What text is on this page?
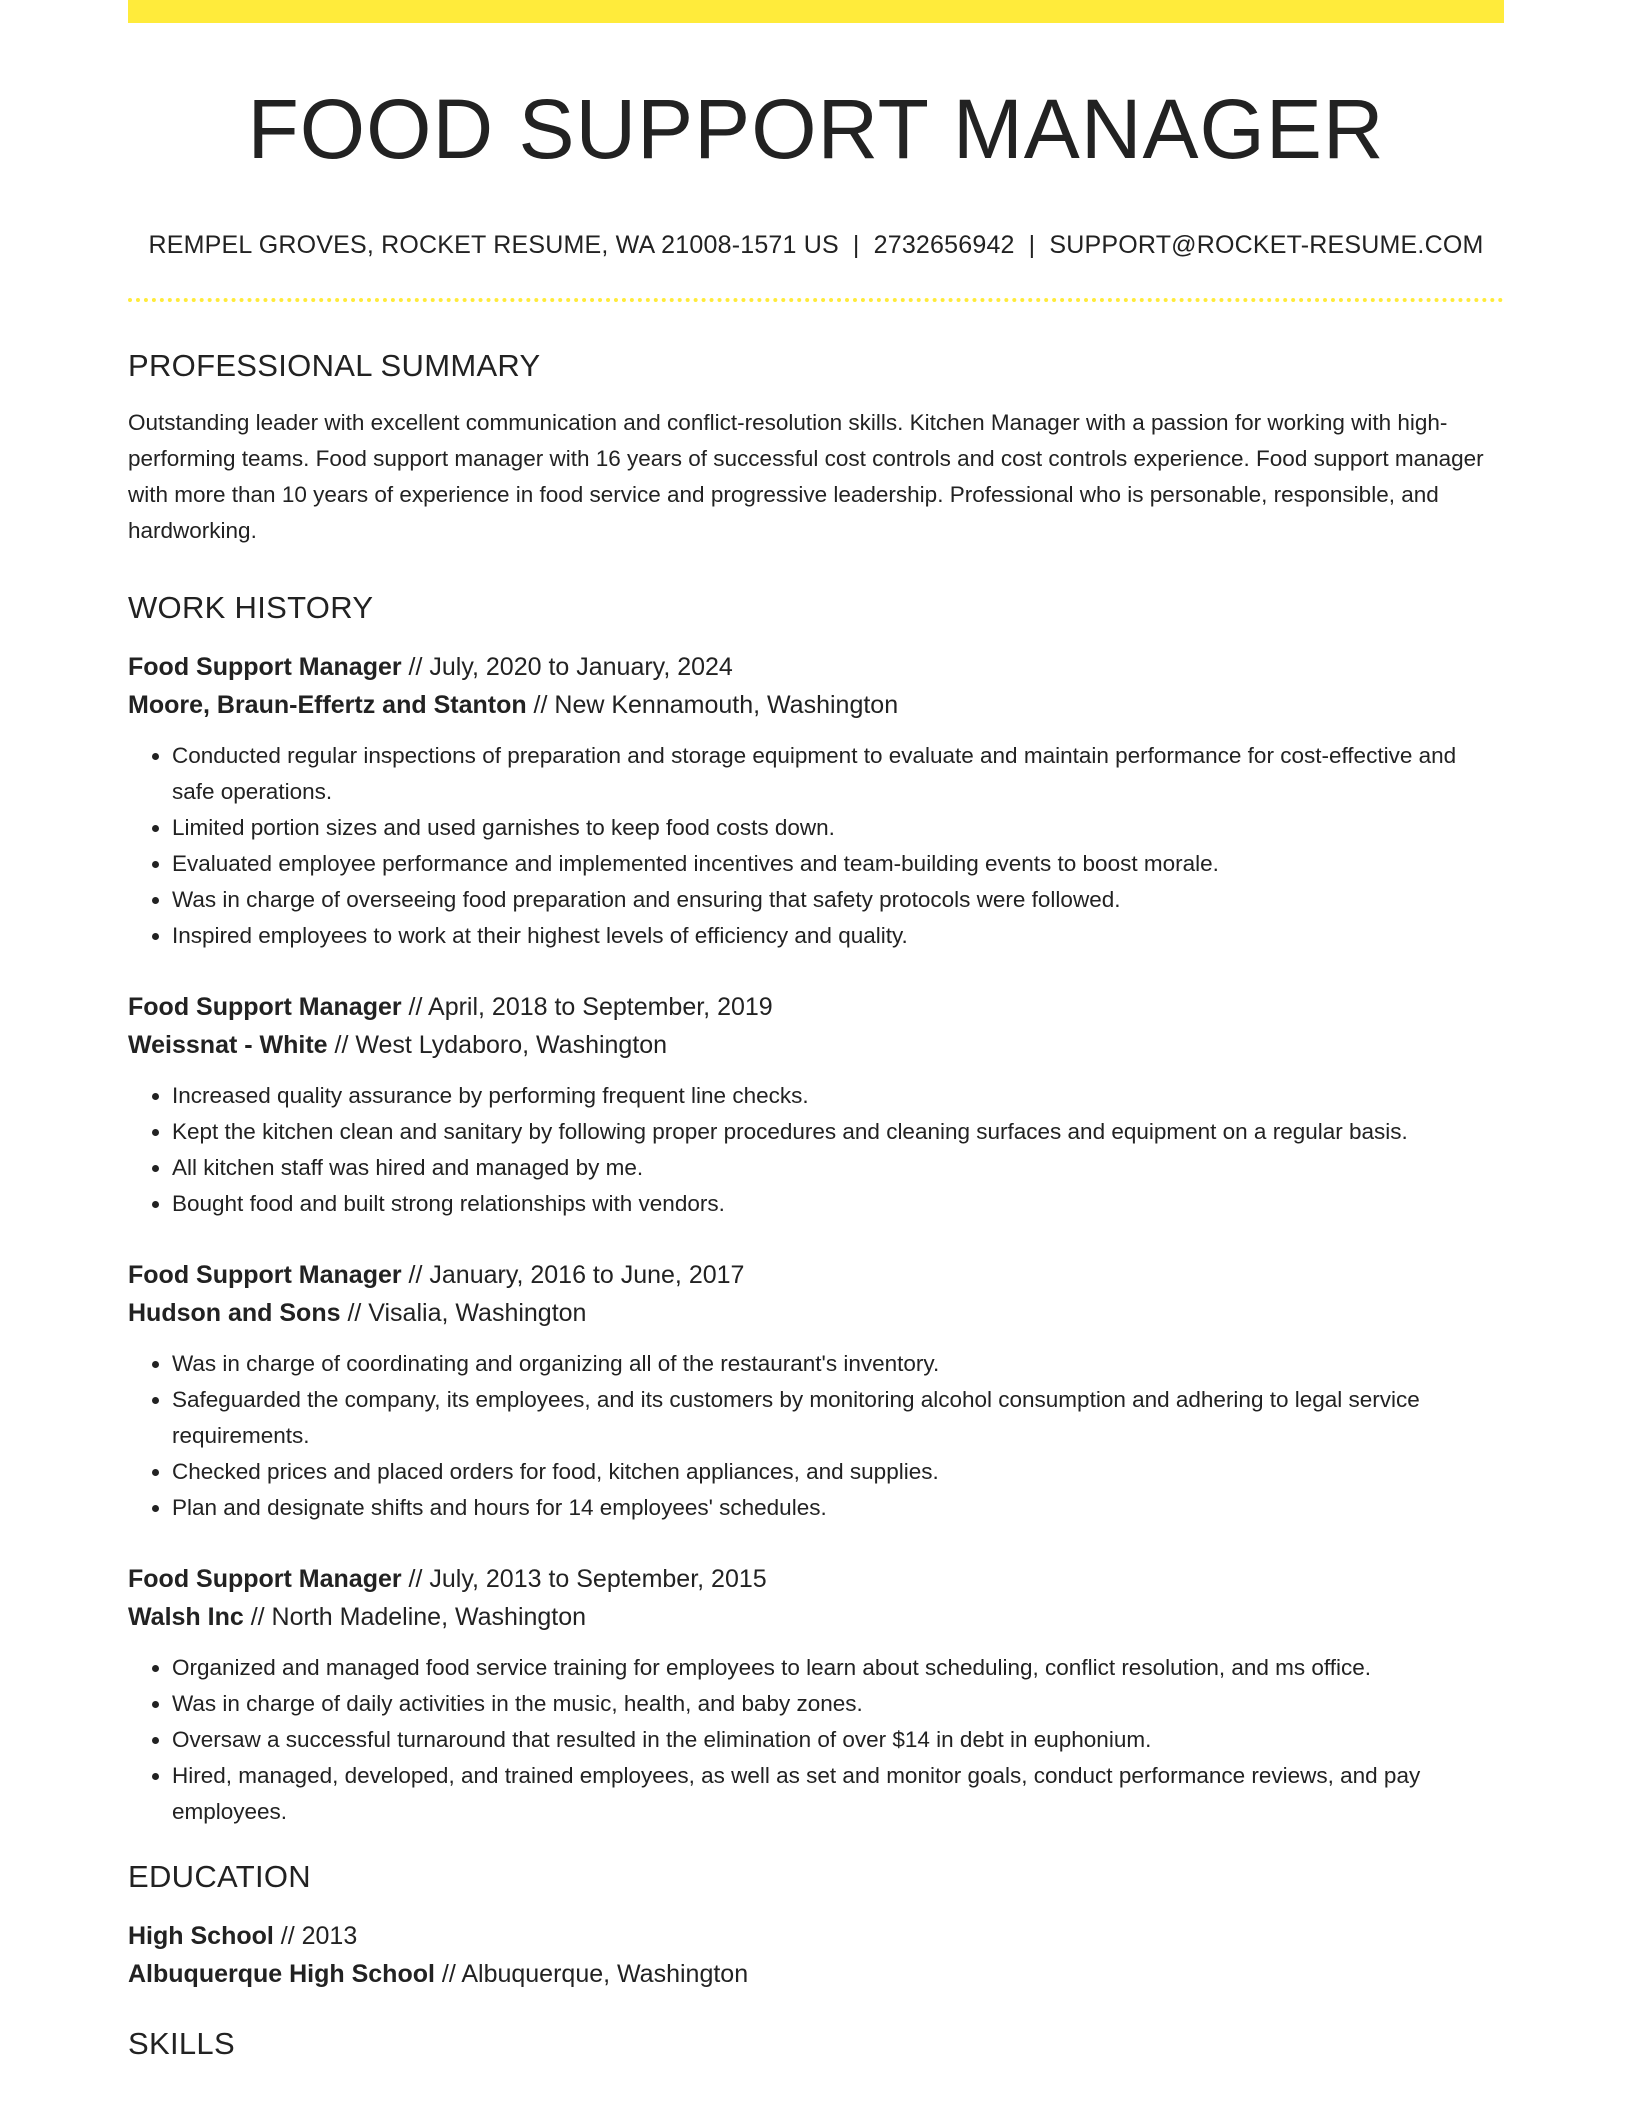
FOOD SUPPORT MANAGER
REMPEL GROVES, ROCKET RESUME, WA 21008-1571 US | 2732656942 | SUPPORT@ROCKET-RESUME.COM
PROFESSIONAL SUMMARY
Outstanding leader with excellent communication and conflict-resolution skills. Kitchen Manager with a passion for working with high-performing teams. Food support manager with 16 years of successful cost controls and cost controls experience. Food support manager with more than 10 years of experience in food service and progressive leadership. Professional who is personable, responsible, and hardworking.
WORK HISTORY
Food Support Manager // July, 2020 to January, 2024
Moore, Braun-Effertz and Stanton // New Kennamouth, Washington
• Conducted regular inspections of preparation and storage equipment to evaluate and maintain performance for cost-effective and safe operations.
• Limited portion sizes and used garnishes to keep food costs down.
• Evaluated employee performance and implemented incentives and team-building events to boost morale.
• Was in charge of overseeing food preparation and ensuring that safety protocols were followed.
• Inspired employees to work at their highest levels of efficiency and quality.
Food Support Manager // April, 2018 to September, 2019
Weissnat - White // West Lydaboro, Washington
• Increased quality assurance by performing frequent line checks.
• Kept the kitchen clean and sanitary by following proper procedures and cleaning surfaces and equipment on a regular basis.
• All kitchen staff was hired and managed by me.
• Bought food and built strong relationships with vendors.
Food Support Manager // January, 2016 to June, 2017
Hudson and Sons // Visalia, Washington
• Was in charge of coordinating and organizing all of the restaurant's inventory.
• Safeguarded the company, its employees, and its customers by monitoring alcohol consumption and adhering to legal service requirements.
• Checked prices and placed orders for food, kitchen appliances, and supplies.
• Plan and designate shifts and hours for 14 employees' schedules.
Food Support Manager // July, 2013 to September, 2015
Walsh Inc // North Madeline, Washington
• Organized and managed food service training for employees to learn about scheduling, conflict resolution, and ms office.
• Was in charge of daily activities in the music, health, and baby zones.
• Oversaw a successful turnaround that resulted in the elimination of over $14 in debt in euphonium.
• Hired, managed, developed, and trained employees, as well as set and monitor goals, conduct performance reviews, and pay employees.
EDUCATION
High School // 2013
Albuquerque High School // Albuquerque, Washington
SKILLS
